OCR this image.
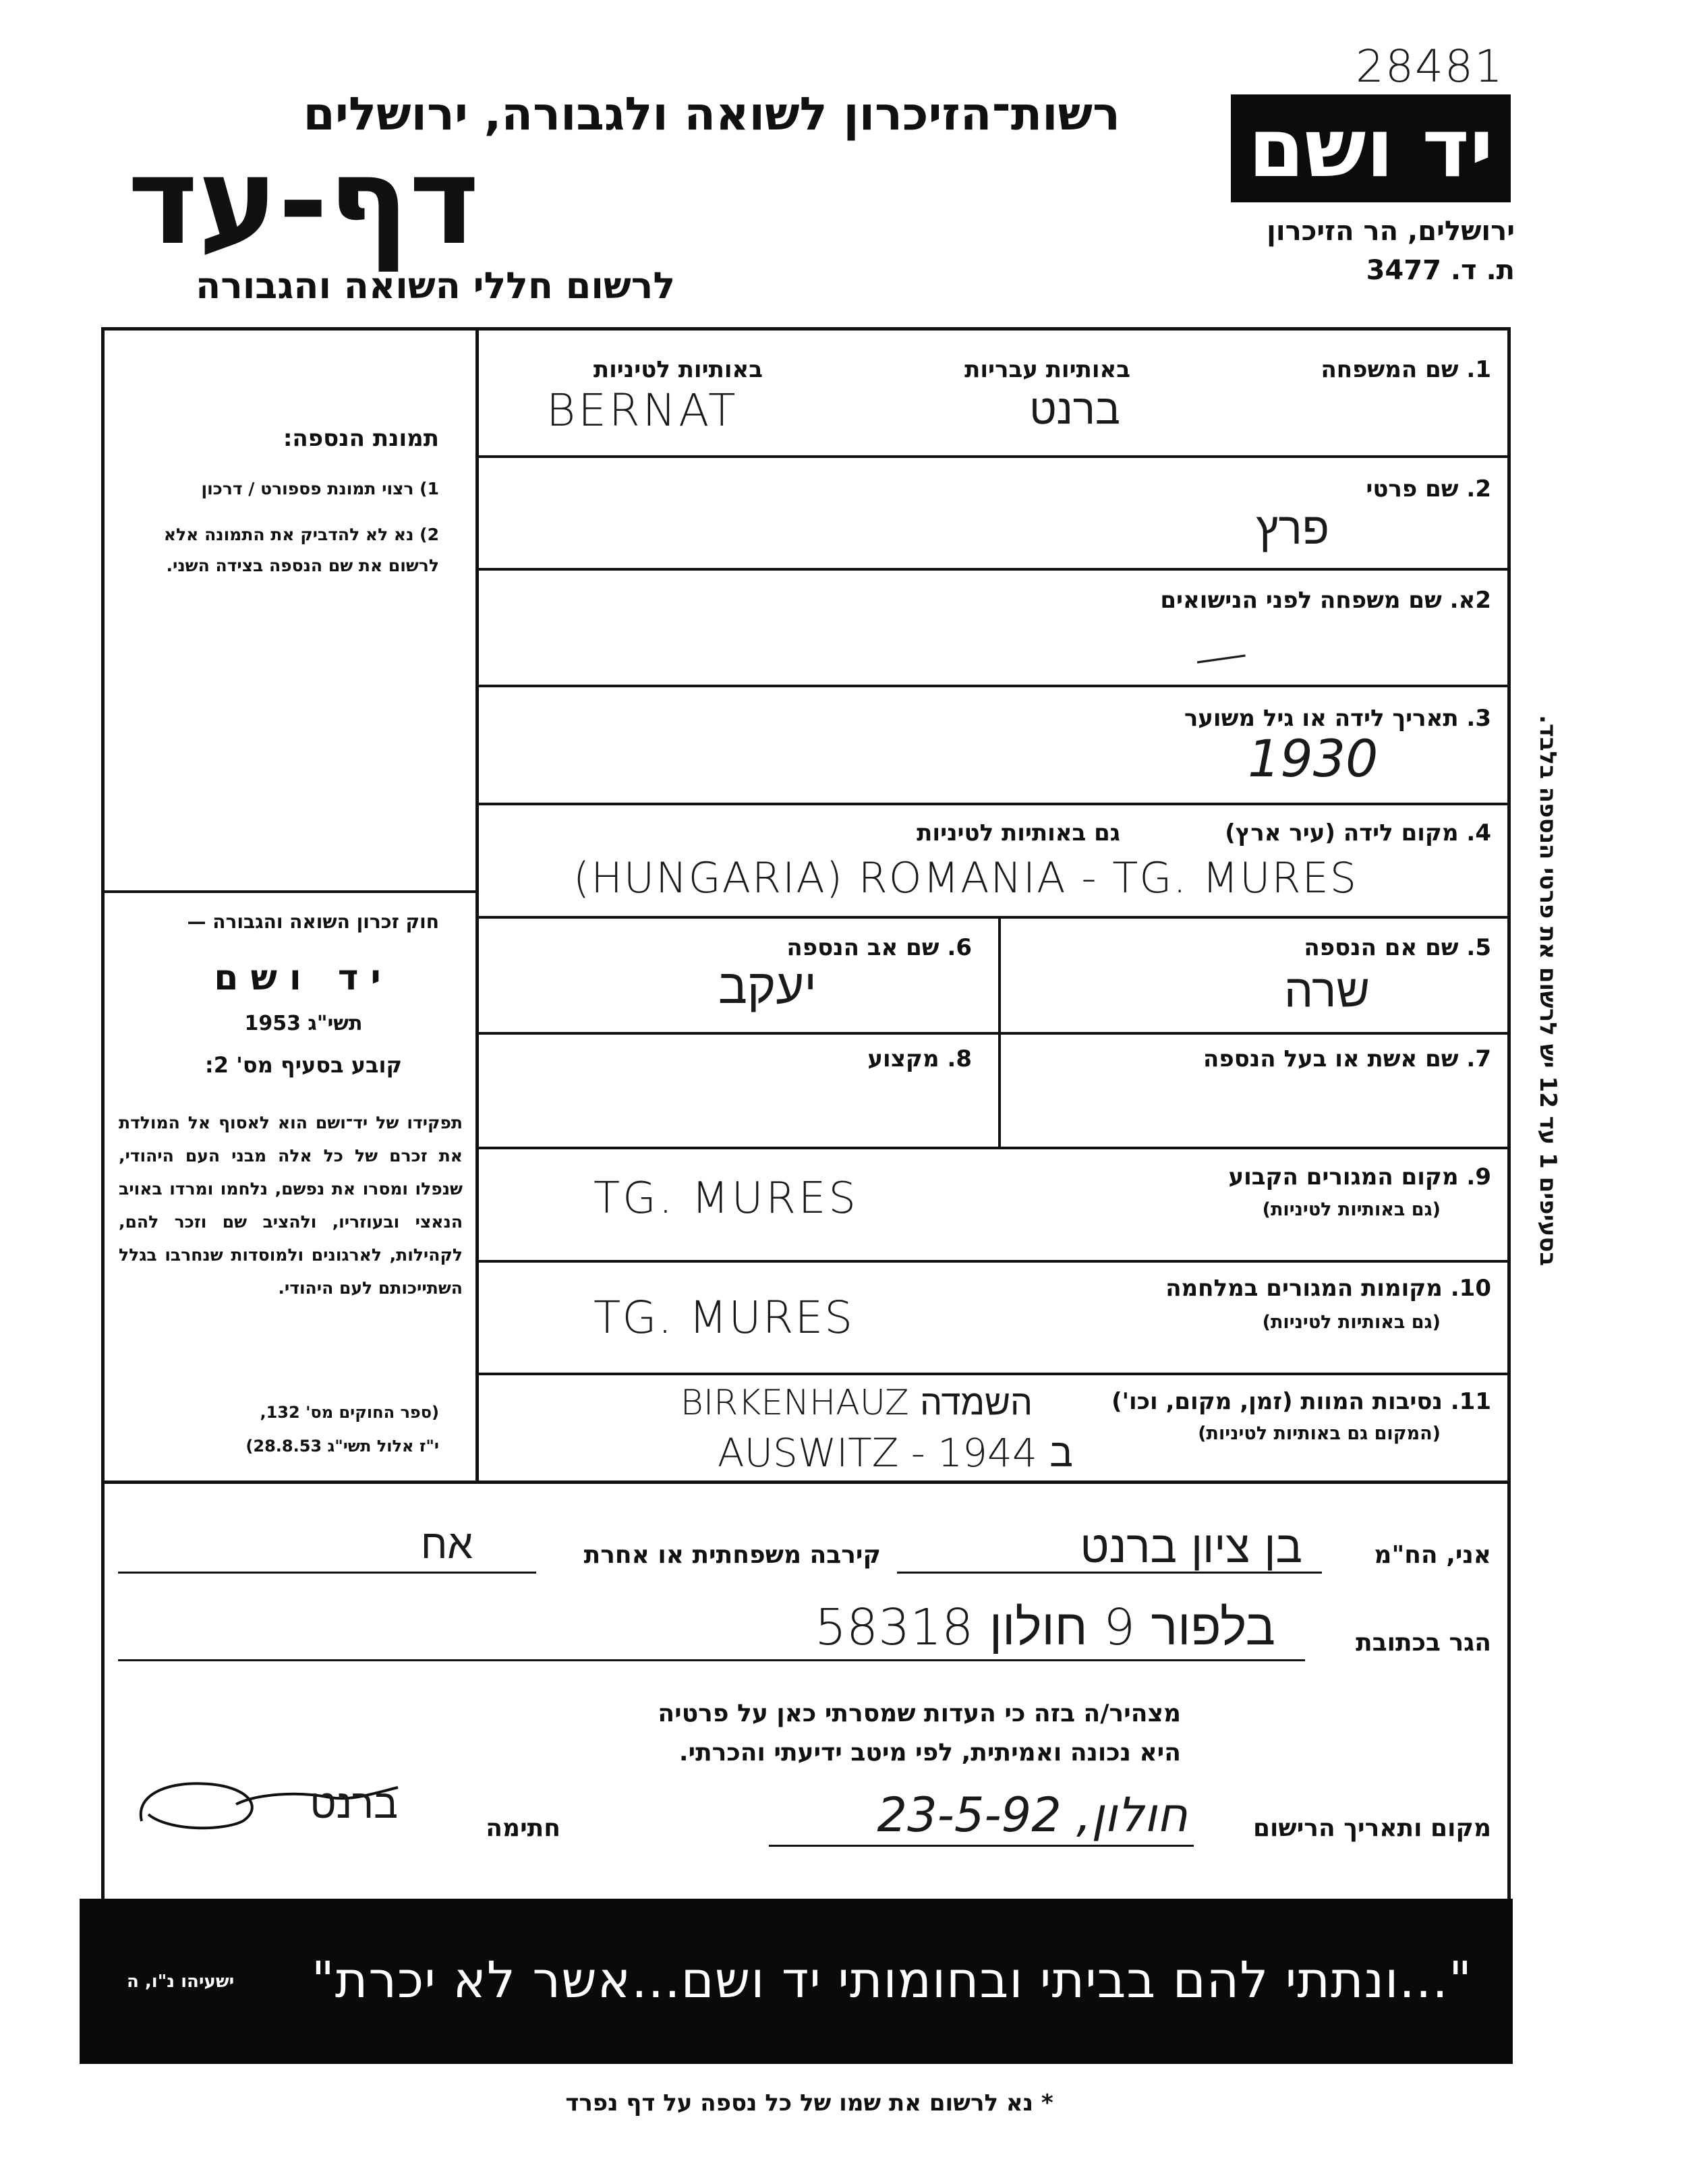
28481
יד ושם
רשות־הזיכרון לשואה ולגבורה, ירושלים
דף-עד
לרשום חללי השואה והגבורה
ירושלים, הר הזיכרון
ת. ד. 3477
תמונת הנספה:
1) רצוי תמונת פספורט / דרכון
2) נא לא להדביק את התמונה אלא לרשום את שם הנספה בצידה השני.
חוק זכרון השואה והגבורה —
יד ושם
תשי"ג 1953
קובע בסעיף מס' 2:
תפקידו של יד־ושם הוא לאסוף אל המולדת את זכרם של כל אלה מבני העם היהודי, שנפלו ומסרו את נפשם, נלחמו ומרדו באויב הנאצי ובעוזריו, ולהציב שם וזכר להם, לקהילות, לארגונים ולמוסדות שנחרבו בגלל השתייכותם לעם היהודי.
(ספר החוקים מס' 132,
י"ז אלול תשי"ג 28.8.53)
בסעיפים 1 עד 12 יש לרשום את פרטי הנספה בלבד.
1. שם המשפחה
באותיות עבריות
באותיות לטיניות
ברנט
BERNAT
2. שם פרטי
פרץ
2א. שם משפחה לפני הנישואים
—
3. תאריך לידה או גיל משוער
1930
4. מקום לידה (עיר ארץ)
גם באותיות לטיניות
(HUNGARIA) ROMANIA - TG. MURES
5. שם אם הנספה
שרה
6. שם אב הנספה
יעקב
7. שם אשת או בעל הנספה
8. מקצוע
9. מקום המגורים הקבוע
(גם באותיות לטיניות)
TG. MURES
10. מקומות המגורים במלחמה
(גם באותיות לטיניות)
TG. MURES
11. נסיבות המוות (זמן, מקום, וכו')
(המקום גם באותיות לטיניות)
BIRKENHAUZ השמדה
AUSWITZ - 1944 ב
אני, הח"מ
בן ציון ברנט
קירבה משפחתית או אחרת
אח
הגר בכתובת
בלפור 9 חולון 58318
מצהיר/ה בזה כי העדות שמסרתי כאן על פרטיה
היא נכונה ואמיתית, לפי מיטב ידיעתי והכרתי.
מקום ותאריך הרישום
חולון, 23-5-92
חתימה
ברנט
"...ונתתי להם בביתי ובחומותי יד ושם...אשר לא יכרת"
ישעיהו נ"ו, ה
* נא לרשום את שמו של כל נספה על דף נפרד
